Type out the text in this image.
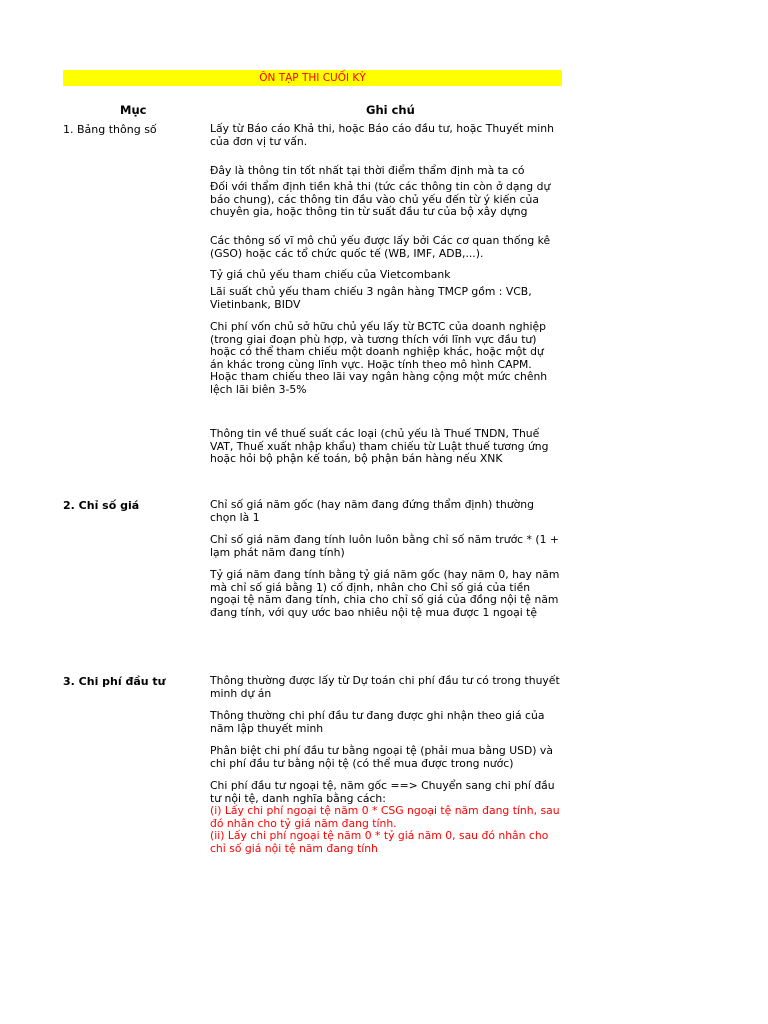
ÔN TẠP THI CUỐI KỲ
Mục	Ghi chú
1. Bảng thông số	Lấy từ Báo cáo Khả thi, hoặc Báo cáo đầu tư, hoặc Thuyết minh của đơn vị tư vấn.
Đây là thông tin tốt nhất tại thời điểm thẩm định mà ta có
Đối với thẩm định tiền khả thi (tức các thông tin còn ở dạng dự báo chung), các thông tin đầu vào chủ yếu đến từ ý kiến của chuyên gia, hoặc thông tin từ suất đầu tư của bộ xây dựng
Các thông số vĩ mô chủ yếu được lấy bởi Các cơ quan thống kê (GSO) hoặc các tổ chức quốc tế (WB, IMF, ADB,...).
Tỷ giá chủ yếu tham chiếu của Vietcombank
Lãi suất chủ yếu tham chiếu 3 ngân hàng TMCP gồm : VCB, Vietinbank, BIDV
Chi phí vốn chủ sở hữu chủ yếu lấy từ BCTC của doanh nghiệp (trong giai đoạn phù hợp, và tương thích với lĩnh vực đầu tư) hoặc có thể tham chiếu một doanh nghiệp khác, hoặc một dự án khác trong cùng lĩnh vực. Hoặc tính theo mô hình CAPM. Hoặc tham chiếu theo lãi vay ngân hàng cộng một mức chênh lệch lãi biên 3-5%
Thông tin về thuế suất các loại (chủ yếu là Thuế TNDN, Thuế VAT, Thuế xuất nhập khẩu) tham chiếu từ Luật thuế tương ứng hoặc hỏi bộ phận kế toán, bộ phận bán hàng nếu XNK
2. Chỉ số giá	Chỉ số giá năm gốc (hay năm đang đứng thẩm định) thường chọn là 1
Chỉ số giá năm đang tính luôn luôn bằng chỉ số năm trước * (1 + lạm phát năm đang tính)
Tỷ giá năm đang tính bằng tỷ giá năm gốc (hay năm 0, hay năm mà chỉ số giá bằng 1) cố định, nhân cho Chỉ số giá của tiền ngoại tệ năm đang tính, chia cho chỉ số giá của đồng nội tệ năm đang tính, với quy ước bao nhiêu nội tệ mua được 1 ngoại tệ
3. Chi phí đầu tư	Thông thường được lấy từ Dự toán chi phí đầu tư có trong thuyết minh dự án
Thông thường chi phí đầu tư đang được ghi nhận theo giá của năm lập thuyết minh
Phân biệt chi phí đầu tư bằng ngoại tệ (phải mua bằng USD) và chi phí đầu tư bằng nội tệ (có thể mua được trong nước)
Chi phí đầu tư ngoại tệ, năm gốc ==> Chuyển sang chi phí đầu tư nội tệ, danh nghĩa bằng cách:
(i) Lấy chi phí ngoại tệ năm 0 * CSG ngoại tệ năm đang tính, sau đó nhân cho tỷ giá năm đang tính.
(ii) Lấy chi phí ngoại tệ năm 0 * tỷ giá năm 0, sau đó nhân cho chỉ số giá nội tệ năm đang tính
